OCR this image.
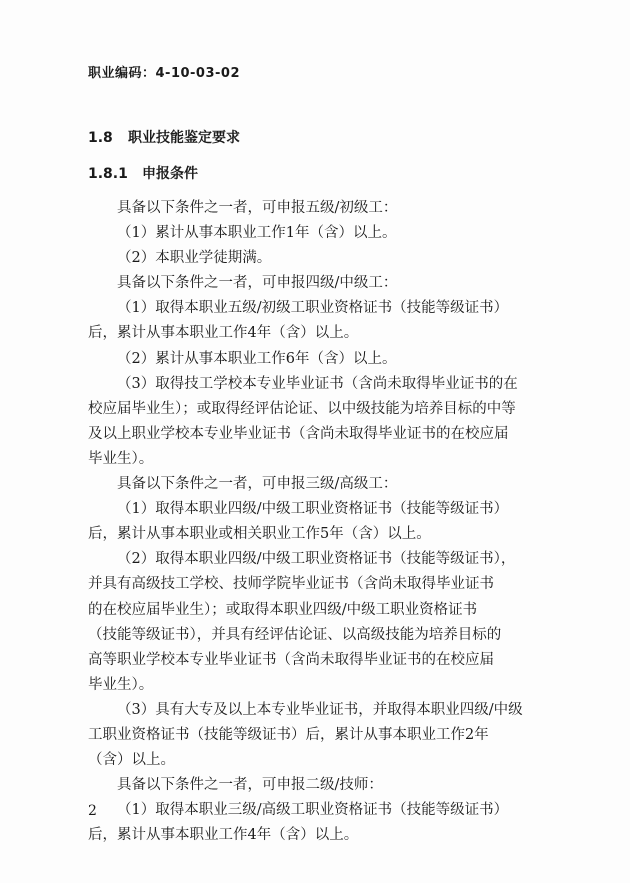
职业编码：4-10-03-02
1.8 职业技能鉴定要求
1.8.1 申报条件
具备以下条件之一者，可申报五级/初级工：
（1）累计从事本职业工作1年（含）以上。
（2）本职业学徒期满。
具备以下条件之一者，可申报四级/中级工：
（1）取得本职业五级/初级工职业资格证书（技能等级证书）
后，累计从事本职业工作4年（含）以上。
（2）累计从事本职业工作6年（含）以上。
（3）取得技工学校本专业毕业证书（含尚未取得毕业证书的在
校应届毕业生）；或取得经评估论证、以中级技能为培养目标的中等
及以上职业学校本专业毕业证书（含尚未取得毕业证书的在校应届
毕业生）。
具备以下条件之一者，可申报三级/高级工：
（1）取得本职业四级/中级工职业资格证书（技能等级证书）
后，累计从事本职业或相关职业工作5年（含）以上。
（2）取得本职业四级/中级工职业资格证书（技能等级证书），
并具有高级技工学校、技师学院毕业证书（含尚未取得毕业证书
的在校应届毕业生）；或取得本职业四级/中级工职业资格证书
（技能等级证书），并具有经评估论证、以高级技能为培养目标的
高等职业学校本专业毕业证书（含尚未取得毕业证书的在校应届
毕业生）。
（3）具有大专及以上本专业毕业证书，并取得本职业四级/中级
工职业资格证书（技能等级证书）后，累计从事本职业工作2年
（含）以上。
具备以下条件之一者，可申报二级/技师：
（1）取得本职业三级/高级工职业资格证书（技能等级证书）
后，累计从事本职业工作4年（含）以上。
2
